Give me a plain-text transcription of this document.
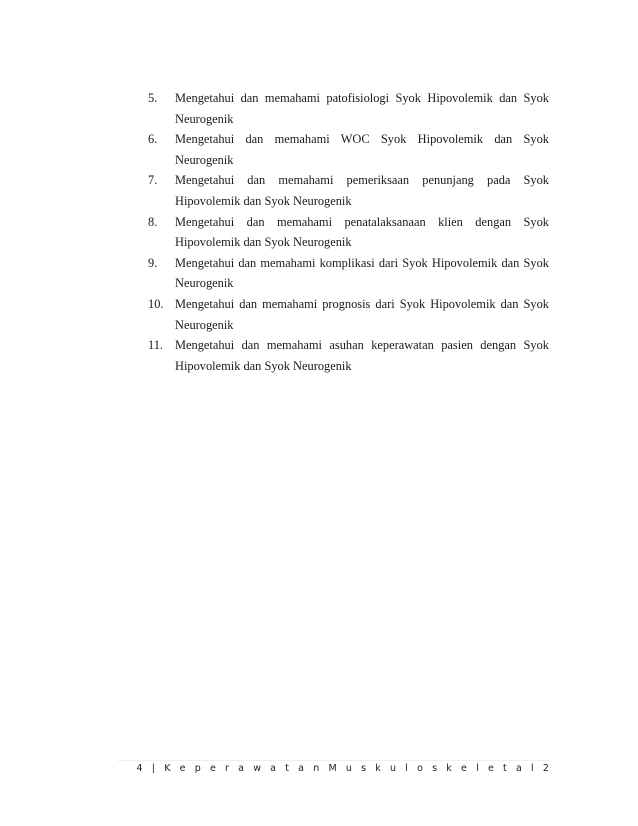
5. Mengetahui dan memahami patofisiologi Syok Hipovolemik dan Syok Neurogenik
6. Mengetahui dan memahami WOC Syok Hipovolemik dan Syok Neurogenik
7. Mengetahui dan memahami pemeriksaan penunjang pada Syok Hipovolemik dan Syok Neurogenik
8. Mengetahui dan memahami penatalaksanaan klien dengan Syok Hipovolemik dan Syok Neurogenik
9. Mengetahui dan memahami komplikasi dari Syok Hipovolemik dan Syok Neurogenik
10. Mengetahui dan memahami prognosis dari Syok Hipovolemik dan Syok Neurogenik
11. Mengetahui dan memahami asuhan keperawatan pasien dengan Syok Hipovolemik dan Syok Neurogenik
4 | K e p e r a w a t a n M u s k u l o s k e l e t a l 2
